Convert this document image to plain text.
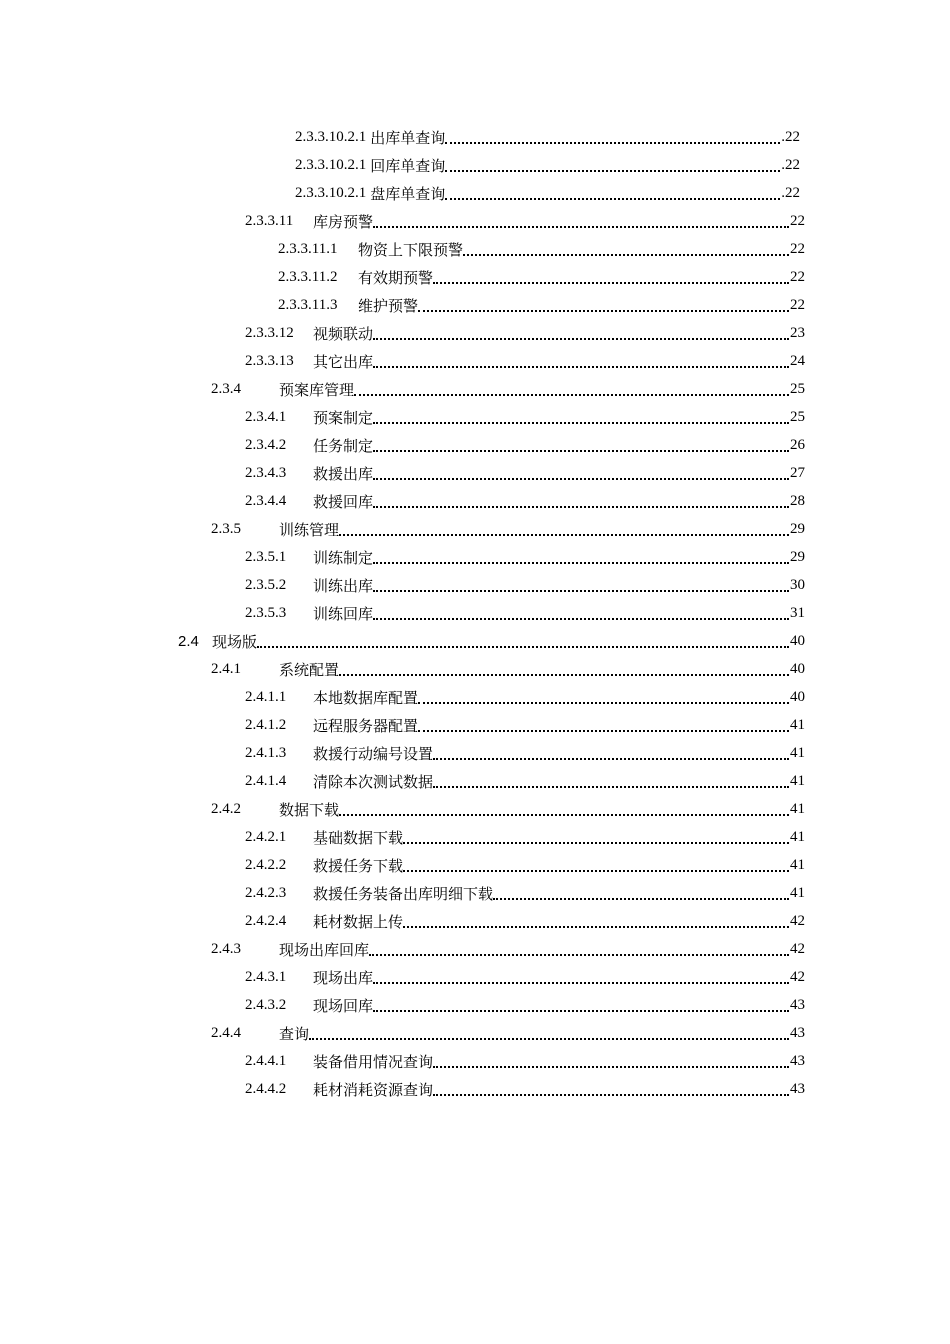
2.3.3.10.2.1 出库单查询	.22
2.3.3.10.2.1 回库单查询	.22
2.3.3.10.2.1 盘库单查询	.22
2.3.3.11	库房预警	22
2.3.3.11.1	物资上下限预警	22
2.3.3.11.2	有效期预警	22
2.3.3.11.3	维护预警	22
2.3.3.12	视频联动	23
2.3.3.13	其它出库	24
2.3.4	预案库管理	25
2.3.4.1	预案制定	25
2.3.4.2	任务制定	26
2.3.4.3	救援出库	27
2.3.4.4	救援回库	28
2.3.5	训练管理	29
2.3.5.1	训练制定	29
2.3.5.2	训练出库	30
2.3.5.3	训练回库	31
2.4 现场版	40
2.4.1	系统配置	40
2.4.1.1	本地数据库配置	40
2.4.1.2	远程服务器配置	41
2.4.1.3	救援行动编号设置	41
2.4.1.4	清除本次测试数据	41
2.4.2	数据下载	41
2.4.2.1	基础数据下载	41
2.4.2.2	救援任务下载	41
2.4.2.3	救援任务装备出库明细下载	41
2.4.2.4	耗材数据上传	42
2.4.3	现场出库回库	42
2.4.3.1	现场出库	42
2.4.3.2	现场回库	43
2.4.4	查询	43
2.4.4.1	装备借用情况查询	43
2.4.4.2	耗材消耗资源查询	43
